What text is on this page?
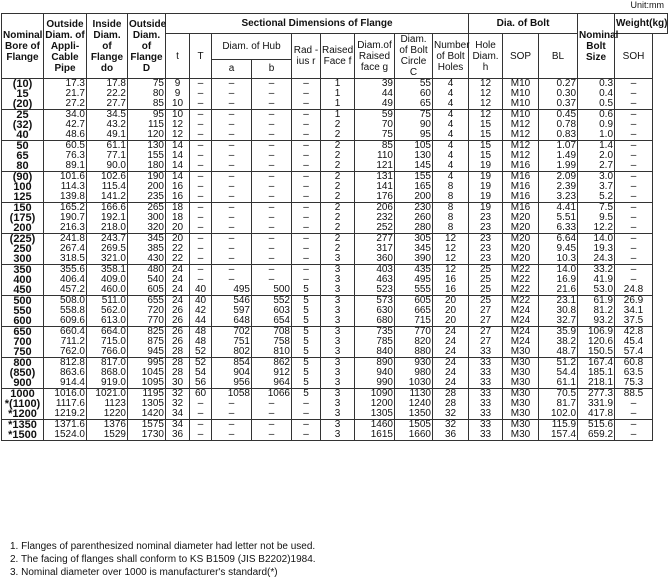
Unit:mm
Nominal Bore of Flange	Outside Diam. of Appli-Cable Pipe	Inside Diam. of Flange do	Outside Diam. of Flange D	Sectional Dimensions of Flange									Dia. of Bolt			Nominal Bolt Size	Weight(kg)
				t	T	Diam. of Hub		Rad -ius r	Raised Face f	Diam.of Raised face g	Diam. of Bolt Circle C	Number of Bolt Holes	Hole Diam. h	SOP	BL		SOH
						a	b										
(10)	17.3	17.8	75	9	–	–	–	–	1	39	55	4	12	M10	0.27	0.3	–
15	21.7	22.2	80	9	–	–	–	–	1	44	60	4	12	M10	0.30	0.4	–
(20)	27.2	27.7	85	10	–	–	–	–	1	49	65	4	12	M10	0.37	0.5	–
25	34.0	34.5	95	10	–	–	–	–	1	59	75	4	12	M10	0.45	0.6	–
(32)	42.7	43.2	115	12	–	–	–	–	2	70	90	4	15	M12	0.78	0.9	–
40	48.6	49.1	120	12	–	–	–	–	2	75	95	4	15	M12	0.83	1.0	–
50	60.5	61.1	130	14	–	–	–	–	2	85	105	4	15	M12	1.07	1.4	–
65	76.3	77.1	155	14	–	–	–	–	2	110	130	4	15	M12	1.49	2.0	–
80	89.1	90.0	180	14	–	–	–	–	2	121	145	4	19	M16	1.99	2.7	–
(90)	101.6	102.6	190	14	–	–	–	–	2	131	155	4	19	M16	2.09	3.0	–
100	114.3	115.4	200	16	–	–	–	–	2	141	165	8	19	M16	2.39	3.7	–
125	139.8	141.2	235	16	–	–	–	–	2	176	200	8	19	M16	3.23	5.2	–
150	165.2	166.6	265	18	–	–	–	–	2	206	230	8	19	M16	4.41	7.5	–
(175)	190.7	192.1	300	18	–	–	–	–	2	232	260	8	23	M20	5.51	9.5	–
200	216.3	218.0	320	20	–	–	–	–	2	252	280	8	23	M20	6.33	12.2	–
(225)	241.8	243.7	345	20	–	–	–	–	2	277	305	12	23	M20	6.64	14.0	–
250	267.4	269.5	385	22	–	–	–	–	2	317	345	12	23	M20	9.45	19.3	–
300	318.5	321.0	430	22	–	–	–	–	3	360	390	12	23	M20	10.3	24.3	–
350	355.6	358.1	480	24	–	–	–	–	3	403	435	12	25	M22	14.0	33.2	–
400	406.4	409.0	540	24	–	–	–	–	3	463	495	16	25	M22	16.9	41.9	–
450	457.2	460.0	605	24	40	495	500	5	3	523	555	16	25	M22	21.6	53.0	24.8
500	508.0	511.0	655	24	40	546	552	5	3	573	605	20	25	M22	23.1	61.9	26.9
550	558.8	562.0	720	26	42	597	603	5	3	630	665	20	27	M24	30.8	81.2	34.1
600	609.6	613.0	770	26	44	648	654	5	3	680	715	20	27	M24	32.7	93.2	37.5
650	660.4	664.0	825	26	48	702	708	5	3	735	770	24	27	M24	35.9	106.9	42.8
700	711.2	715.0	875	26	48	751	758	5	3	785	820	24	27	M24	38.2	120.6	45.4
750	762.0	766.0	945	28	52	802	810	5	3	840	880	24	33	M30	48.7	150.5	57.4
800	812.8	817.0	995	28	52	854	862	5	3	890	930	24	33	M30	51.2	167.4	60.8
(850)	863.6	868.0	1045	28	54	904	912	5	3	940	980	24	33	M30	54.4	185.1	63.5
900	914.4	919.0	1095	30	56	956	964	5	3	990	1030	24	33	M30	61.1	218.1	75.3
1000	1016.0	1021.0	1195	32	60	1058	1066	5	3	1090	1130	28	33	M30	70.5	277.3	88.5
*(1100)	1117.6	1123	1305	32	–	–	–	–	3	1200	1240	28	33	M30	81.7	331.9	–
*1200	1219.2	1220	1420	34	–	–	–	–	3	1305	1350	32	33	M30	102.0	417.8	–
*1350	1371.6	1376	1575	34	–	–	–	–	3	1460	1505	32	33	M30	115.9	515.6	–
*1500	1524.0	1529	1730	36	–	–	–	–	3	1615	1660	36	33	M30	157.4	659.2	–
1. Flanges of parenthesized nominal diameter had letter not be used.
2. The facing of flanges shall conform to KS B1509 (JIS B2202)1984.
3. Nominal diameter over 1000 is manufacturer's standard(*)
